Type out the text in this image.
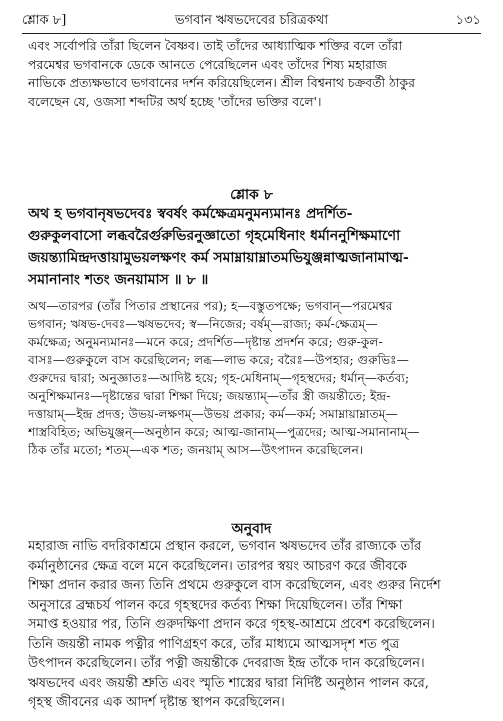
শ্লোক ৮]	ভগবান ঋষভদেবের চরিত্রকথা	১৩১
এবং সর্বোপরি তাঁরা ছিলেন বৈষ্ণব। তাই তাঁদের আধ্যাত্মিক শক্তির বলে তাঁরা
পরমেশ্বর ভগবানকে ডেকে আনতে পেরেছিলেন এবং তাঁদের শিষ্য মহারাজ
নাভিকে প্রত্যক্ষভাবে ভগবানের দর্শন করিয়েছিলেন। শ্রীল বিশ্বনাথ চক্রবর্তী ঠাকুর
বলেছেন যে, ওজসা শব্দটির অর্থ হচ্ছে 'তাঁদের ভক্তির বলে'।
শ্লোক ৮
অথ হ ভগবানৃষভদেবঃ স্ববর্ষং কর্মক্ষেত্রমনুমন্যমানঃ প্রদর্শিত-
গুরুকুলবাসো লব্ধবরৈর্গুরুভিরনুজ্ঞাতো গৃহমেধিনাং ধর্মাননুশিক্ষমাণো
জয়ন্ত্যামিন্দ্রদত্তায়ামুভয়লক্ষণং কর্ম সমাম্নায়াম্নাতমভিযুঞ্জন্নাত্মজানামাত্ম-
সমানানাং শতং জনয়ামাস ॥ ৮ ॥
অথ—তারপর (তাঁর পিতার প্রস্থানের পর); হ—বস্তুতপক্ষে; ভগবান্—পরমেশ্বর
ভগবান; ঋষভ-দেবঃ—ঋষভদেব; স্ব—নিজের; বর্ষম্—রাজ্য; কর্ম-ক্ষেত্রম্—
কর্মক্ষেত্র; অনুমন্যমানঃ—মনে করে; প্রদর্শিত—দৃষ্টান্ত প্রদর্শন করে; গুরু-কুল-
বাসঃ—গুরুকুলে বাস করেছিলেন; লব্ধ—লাভ করে; বরৈঃ—উপহার; গুরুভিঃ—
গুরুদের দ্বারা; অনুজ্ঞাতঃ—আদিষ্ট হয়ে; গৃহ-মেধিনাম্—গৃহস্থদের; ধর্মান্—কর্তব্য;
অনুশিক্ষমানঃ—দৃষ্টান্তের দ্বারা শিক্ষা দিয়ে; জয়ন্ত্যাম্—তাঁর স্ত্রী জয়ন্তীতে; ইন্দ্র-
দত্তায়াম্—ইন্দ্র প্রদত্ত; উভয়-লক্ষণম্—উভয় প্রকার; কর্ম—কর্ম; সমাম্নায়াম্নাতম্—
শাস্ত্রবিহিত; অভিযুঞ্জন্—অনুষ্ঠান করে; আত্ম-জানাম্—পুত্রদের; আত্ম-সমানানাম্—
ঠিক তাঁর মতো; শতম্—এক শত; জনয়াম্ আস—উৎপাদন করেছিলেন।
অনুবাদ
মহারাজ নাভি বদরিকাশ্রমে প্রস্থান করলে, ভগবান ঋষভদেব তাঁর রাজ্যকে তাঁর
কর্মানুষ্ঠানের ক্ষেত্র বলে মনে করেছিলেন। তারপর স্বয়ং আচরণ করে জীবকে
শিক্ষা প্রদান করার জন্য তিনি প্রথমে গুরুকুলে বাস করেছিলেন, এবং গুরুর নির্দেশ
অনুসারে ব্রহ্মচর্য পালন করে গৃহস্থদের কর্তব্য শিক্ষা দিয়েছিলেন। তাঁর শিক্ষা
সমাপ্ত হওয়ার পর, তিনি গুরুদক্ষিণা প্রদান করে গৃহস্থ-আশ্রমে প্রবেশ করেছিলেন।
তিনি জয়ন্তী নামক পত্নীর পাণিগ্রহণ করে, তাঁর মাধ্যমে আত্মসদৃশ শত পুত্র
উৎপাদন করেছিলেন। তাঁর পত্নী জয়ন্তীকে দেবরাজ ইন্দ্র তাঁকে দান করেছিলেন।
ঋষভদেব এবং জয়ন্তী শ্রুতি এবং স্মৃতি শাস্ত্রের দ্বারা নির্দিষ্ট অনুষ্ঠান পালন করে,
গৃহস্থ জীবনের এক আদর্শ দৃষ্টান্ত স্থাপন করেছিলেন।
